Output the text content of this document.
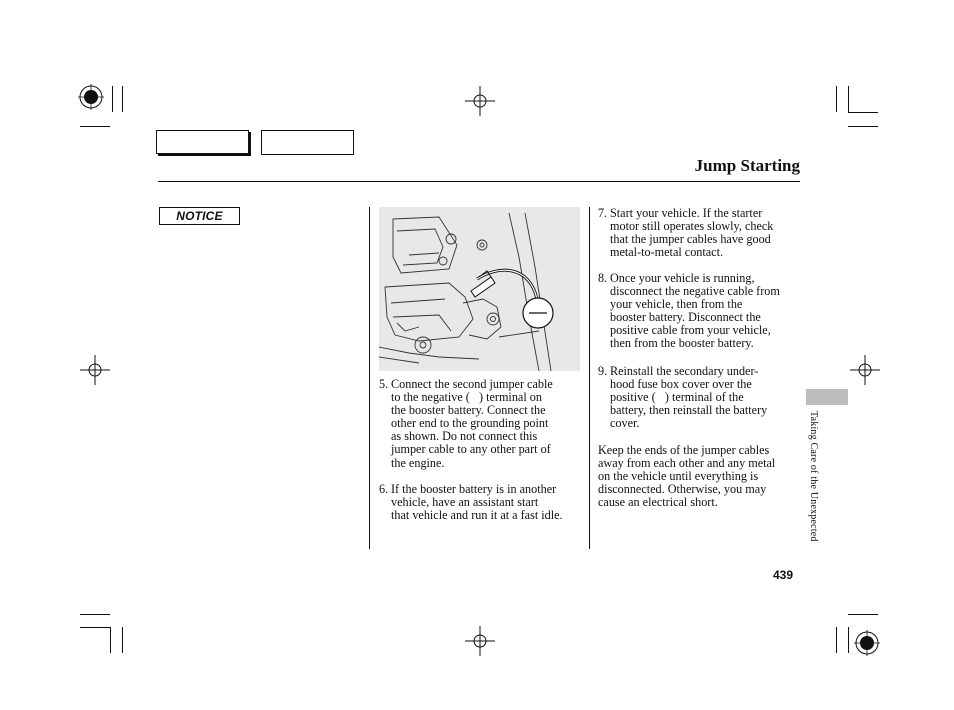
Jump Starting
NOTICE
5. Connect the second jumper cable
to the negative (   ) terminal on
the booster battery. Connect the
other end to the grounding point
as shown. Do not connect this
jumper cable to any other part of
the engine.
6. If the booster battery is in another
vehicle, have an assistant start
that vehicle and run it at a fast idle.
7. Start your vehicle. If the starter
motor still operates slowly, check
that the jumper cables have good
metal-to-metal contact.
8. Once your vehicle is running,
disconnect the negative cable from
your vehicle, then from the
booster battery. Disconnect the
positive cable from your vehicle,
then from the booster battery.
9. Reinstall the secondary under-
hood fuse box cover over the
positive (   ) terminal of the
battery, then reinstall the battery
cover.
Keep the ends of the jumper cables
away from each other and any metal
on the vehicle until everything is
disconnected. Otherwise, you may
cause an electrical short.	Taking Care of the Unexpected
439
